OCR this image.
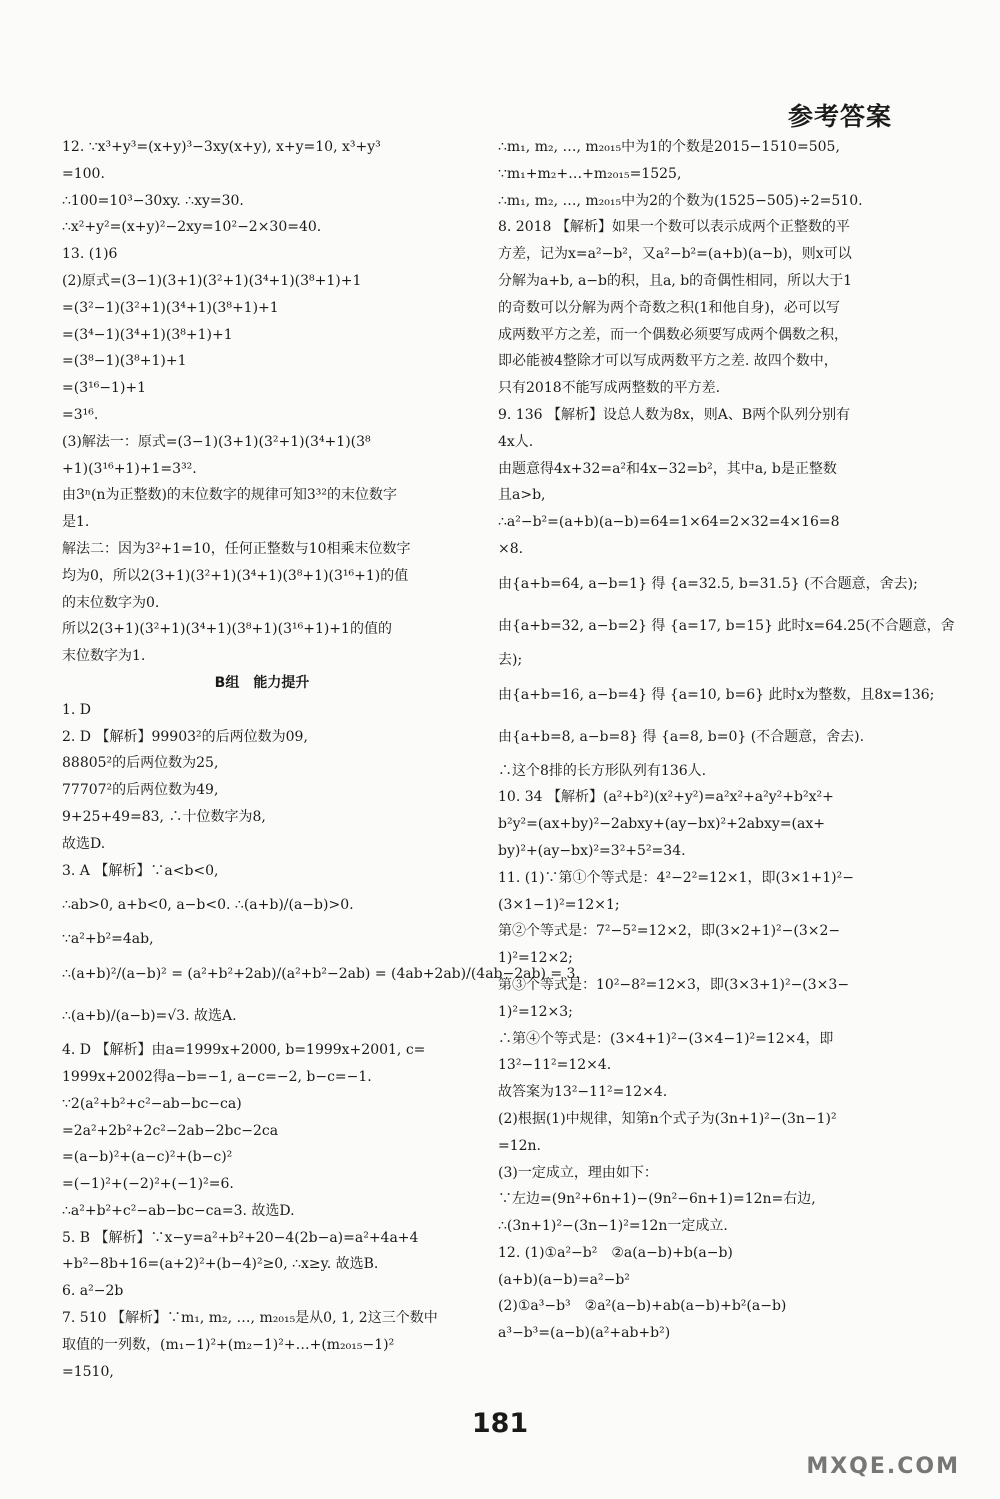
参考答案
12. ∵x³+y³=(x+y)³−3xy(x+y), x+y=10, x³+y³
=100.
∴100=10³−30xy. ∴xy=30.
∴x²+y²=(x+y)²−2xy=10²−2×30=40.
13. (1)6
(2)原式=(3−1)(3+1)(3²+1)(3⁴+1)(3⁸+1)+1
=(3²−1)(3²+1)(3⁴+1)(3⁸+1)+1
=(3⁴−1)(3⁴+1)(3⁸+1)+1
=(3⁸−1)(3⁸+1)+1
=(3¹⁶−1)+1
=3¹⁶.
(3)解法一：原式=(3−1)(3+1)(3²+1)(3⁴+1)(3⁸
+1)(3¹⁶+1)+1=3³².
由3ⁿ(n为正整数)的末位数字的规律可知3³²的末位数字
是1.
解法二：因为3²+1=10，任何正整数与10相乘末位数字
均为0，所以2(3+1)(3²+1)(3⁴+1)(3⁸+1)(3¹⁶+1)的值
的末位数字为0.
所以2(3+1)(3²+1)(3⁴+1)(3⁸+1)(3¹⁶+1)+1的值的
末位数字为1.
B组　能力提升
1. D
2. D 【解析】99903²的后两位数为09,
88805²的后两位数为25,
77707²的后两位数为49,
9+25+49=83, ∴十位数字为8,
故选D.
3. A 【解析】∵a<b<0,
∴ab>0, a+b<0, a−b<0. ∴(a+b)/(a−b)>0.
∵a²+b²=4ab,
∴(a+b)²/(a−b)² = (a²+b²+2ab)/(a²+b²−2ab) = (4ab+2ab)/(4ab−2ab) = 3.
∴(a+b)/(a−b)=√3. 故选A.
4. D 【解析】由a=1999x+2000, b=1999x+2001, c=
1999x+2002得a−b=−1, a−c=−2, b−c=−1.
∵2(a²+b²+c²−ab−bc−ca)
=2a²+2b²+2c²−2ab−2bc−2ca
=(a−b)²+(a−c)²+(b−c)²
=(−1)²+(−2)²+(−1)²=6.
∴a²+b²+c²−ab−bc−ca=3. 故选D.
5. B 【解析】∵x−y=a²+b²+20−4(2b−a)=a²+4a+4
+b²−8b+16=(a+2)²+(b−4)²≥0, ∴x≥y. 故选B.
6. a²−2b
7. 510 【解析】∵m₁, m₂, …, m₂₀₁₅是从0, 1, 2这三个数中
取值的一列数，(m₁−1)²+(m₂−1)²+…+(m₂₀₁₅−1)²
=1510,
∴m₁, m₂, …, m₂₀₁₅中为1的个数是2015−1510=505,
∵m₁+m₂+…+m₂₀₁₅=1525,
∴m₁, m₂, …, m₂₀₁₅中为2的个数为(1525−505)÷2=510.
8. 2018 【解析】如果一个数可以表示成两个正整数的平
方差，记为x=a²−b²，又a²−b²=(a+b)(a−b)，则x可以
分解为a+b, a−b的积，且a, b的奇偶性相同，所以大于1
的奇数可以分解为两个奇数之积(1和他自身)，必可以写
成两数平方之差，而一个偶数必须要写成两个偶数之积，
即必能被4整除才可以写成两数平方之差. 故四个数中，
只有2018不能写成两整数的平方差.
9. 136 【解析】设总人数为8x，则A、B两个队列分别有
4x人.
由题意得4x+32=a²和4x−32=b²，其中a, b是正整数
且a>b,
∴a²−b²=(a+b)(a−b)=64=1×64=2×32=4×16=8
×8.
由{a+b=64, a−b=1} 得 {a=32.5, b=31.5} (不合题意，舍去);
由{a+b=32, a−b=2} 得 {a=17, b=15} 此时x=64.25(不合题意，舍
去);
由{a+b=16, a−b=4} 得 {a=10, b=6} 此时x为整数，且8x=136;
由{a+b=8, a−b=8} 得 {a=8, b=0} (不合题意，舍去).
∴这个8排的长方形队列有136人.
10. 34 【解析】(a²+b²)(x²+y²)=a²x²+a²y²+b²x²+
b²y²=(ax+by)²−2abxy+(ay−bx)²+2abxy=(ax+
by)²+(ay−bx)²=3²+5²=34.
11. (1)∵第①个等式是：4²−2²=12×1，即(3×1+1)²−
(3×1−1)²=12×1;
第②个等式是：7²−5²=12×2，即(3×2+1)²−(3×2−
1)²=12×2;
第③个等式是：10²−8²=12×3，即(3×3+1)²−(3×3−
1)²=12×3;
∴第④个等式是：(3×4+1)²−(3×4−1)²=12×4，即
13²−11²=12×4.
故答案为13²−11²=12×4.
(2)根据(1)中规律，知第n个式子为(3n+1)²−(3n−1)²
=12n.
(3)一定成立，理由如下：
∵左边=(9n²+6n+1)−(9n²−6n+1)=12n=右边,
∴(3n+1)²−(3n−1)²=12n一定成立.
12. (1)①a²−b²　②a(a−b)+b(a−b)
(a+b)(a−b)=a²−b²
(2)①a³−b³　②a²(a−b)+ab(a−b)+b²(a−b)
a³−b³=(a−b)(a²+ab+b²)
181
MXQE.COM
